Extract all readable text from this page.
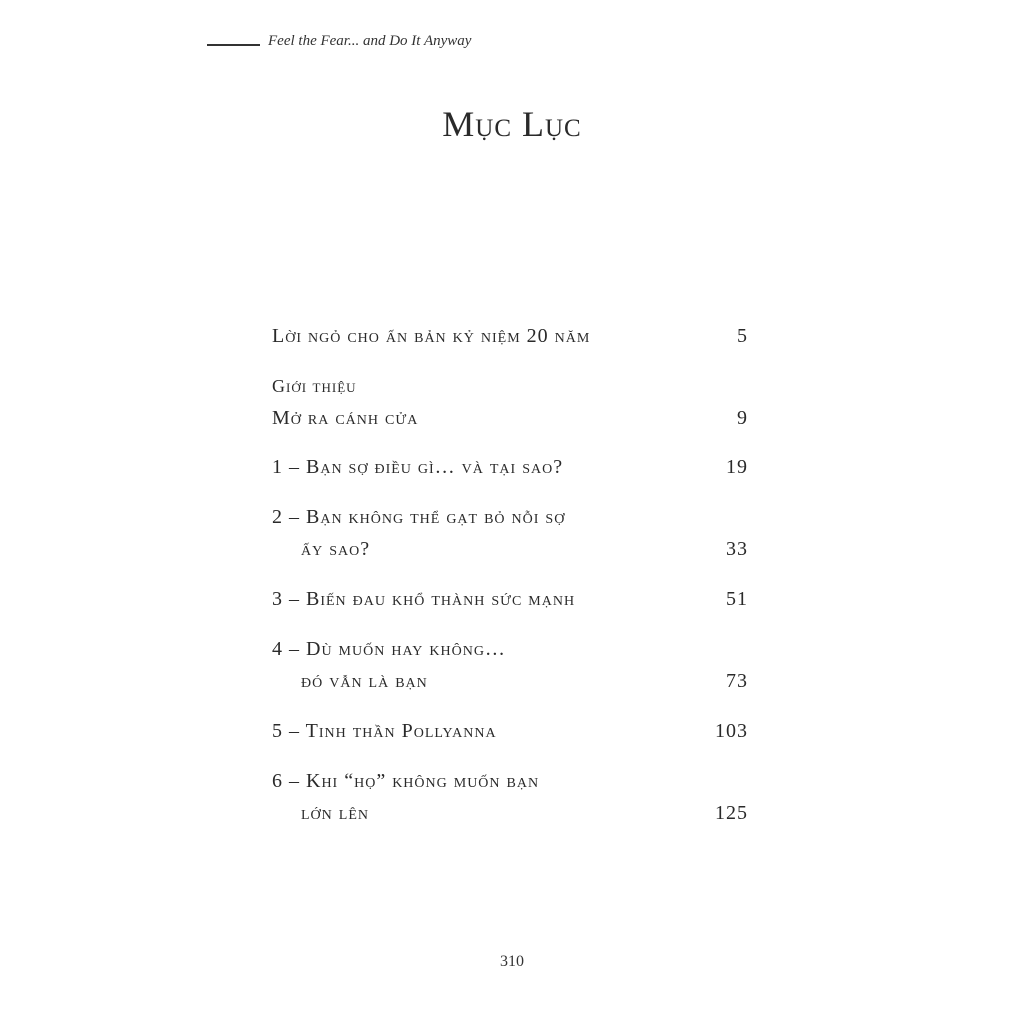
Feel the Fear... and Do It Anyway
Mục Lục
Lời ngỏ cho ấn bản kỷ niệm 20 năm	5
Giới thiệu
Mở ra cánh cửa	9
1 – Bạn sợ điều gì… và tại sao?	19
2 – Bạn không thể gạt bỏ nỗi sợ
ấy sao?	33
3 – Biến đau khổ thành sức mạnh	51
4 – Dù muốn hay không…
đó vẫn là bạn	73
5 – Tinh thần Pollyanna	103
6 – Khi “họ” không muốn bạn
lớn lên	125
310
